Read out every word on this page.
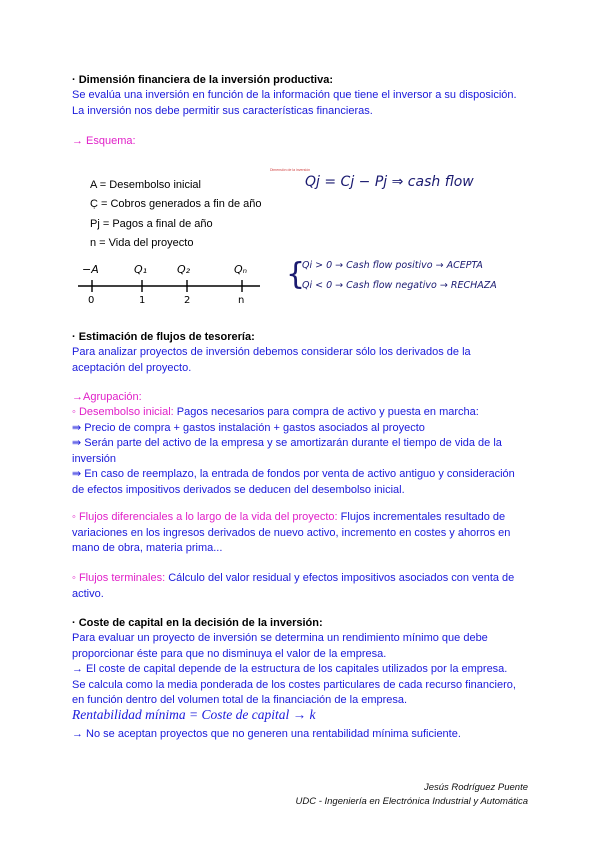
· Dimensión financiera de la inversión productiva:
Se evalúa una inversión en función de la información que tiene el inversor a su disposición.
La inversión nos debe permitir sus características financieras.
→ Esquema:
Dimensión de la inversión
A = Desembolso inicial
C̣ = Cobros generados a fin de año
Pj = Pagos a final de año
n = Vida del proyecto
Qj = Cj − Pj ⇒ cash flow
−A	Q₁	Q₂	Qₙ
0	1	2	n
{
Qi > 0 → Cash flow positivo → ACEPTA
Qi < 0 → Cash flow negativo → RECHAZA
· Estimación de flujos de tesorería:
Para analizar proyectos de inversión debemos considerar sólo los derivados de la
aceptación del proyecto.
→Agrupación:
◦ Desembolso inicial: Pagos necesarios para compra de activo y puesta en marcha:
⇛ Precio de compra + gastos instalación + gastos asociados al proyecto
⇛ Serán parte del activo de la empresa y se amortizarán durante el tiempo de vida de la
inversión
⇛ En caso de reemplazo, la entrada de fondos por venta de activo antiguo y consideración
de efectos impositivos derivados se deducen del desembolso inicial.
◦ Flujos diferenciales a lo largo de la vida del proyecto: Flujos incrementales resultado de
variaciones en los ingresos derivados de nuevo activo, incremento en costes y ahorros en
mano de obra, materia prima...
◦ Flujos terminales: Cálculo del valor residual y efectos impositivos asociados con venta de
activo.
· Coste de capital en la decisión de la inversión:
Para evaluar un proyecto de inversión se determina un rendimiento mínimo que debe
proporcionar éste para que no disminuya el valor de la empresa.
→ El coste de capital depende de la estructura de los capitales utilizados por la empresa.
Se calcula como la media ponderada de los costes particulares de cada recurso financiero,
en función dentro del volumen total de la financiación de la empresa.
Rentabilidad mínima = Coste de capital → k
→ No se aceptan proyectos que no generen una rentabilidad mínima suficiente.
Jesús Rodríguez Puente
UDC - Ingeniería en Electrónica Industrial y Automática
